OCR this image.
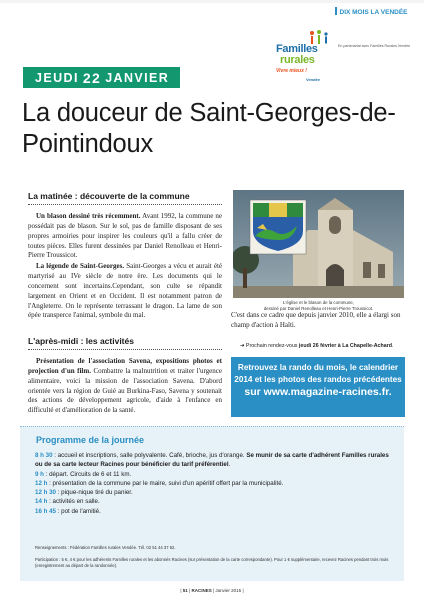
DIX MOIS LA VENDÉE
Familles
rurales
Vivre mieux !
Vendée
En partenariat avec Familles Rurales Vendée
JEUDI 22 JANVIER
La douceur de Saint-Georges-de-Pointindoux
La matinée : découverte de la commune

Un blason dessiné très récemment. Avant 1992, la commune ne possédait pas de blason. Sur le sol, pas de famille disposant de ses propres armoiries pour inspirer les couleurs qu'il a fallu créer de toutes pièces. Elles furent dessinées par Daniel Renolleau et Henri-Pierre Troussicot.

La légende de Saint-Georges. Saint-Georges a vécu et aurait été martyrisé au IVe siècle de notre ère. Les documents qui le concernent sont incertains.Cependant, son culte se répandit largement en Orient et en Occident. Il est notamment patron de l'Angleterre. On le représente terrassant le dragon. La lame de son épée transperce l'animal, symbole du mal.

L'après-midi : les activités

Présentation de l'association Savena, expositions photos et projection d'un film. Combattre la malnutrition et traiter l'urgence alimentaire, voici la mission de l'association Savena. D'abord orientée vers la région de Guié au Burkina-Faso, Savena y soutenait des actions de développement agricole, d'aide à l'enfance en difficulté et d'amélioration de la santé.

L'église et le blason de la commune,
dessiné par Daniel Renolleau et Henri-Pierre Troussicot.

C'est dans ce cadre que depuis janvier 2010, elle a élargi son champ d'action à Haïti.

➔ Prochain rendez-vous jeudi 26 février à La Chapelle-Achard.
Retrouvez la rando du mois, le calendrier
2014 et les photos des randos précédentes
sur www.magazine-racines.fr.
Programme de la journée
8 h 30 : accueil et inscriptions, salle polyvalente. Café, brioche, jus d'orange. Se munir de sa carte d'adhérent Familles rurales ou de sa carte lecteur Racines pour bénéficier du tarif préférentiel.
9 h : départ. Circuits de 6 et 11 km.
12 h : présentation de la commune par le maire, suivi d'un apéritif offert par la municipalité.
12 h 30 : pique-nique tiré du panier.
14 h : activités en salle.
16 h 45 : pot de l'amitié.
Renseignements : Fédération Familles rurales Vendée. Tél. 02 51 44 37 62.
Participation : 5 €, 4 € pour les adhérents Familles rurales et les abonnés Racines (sur présentation de la carte correspondante). Pour 1 € supplémentaire, recevez Racines pendant trois mois (enregistrement au départ de la randonnée).
| 51 | RACINES | Janvier 2015 |
